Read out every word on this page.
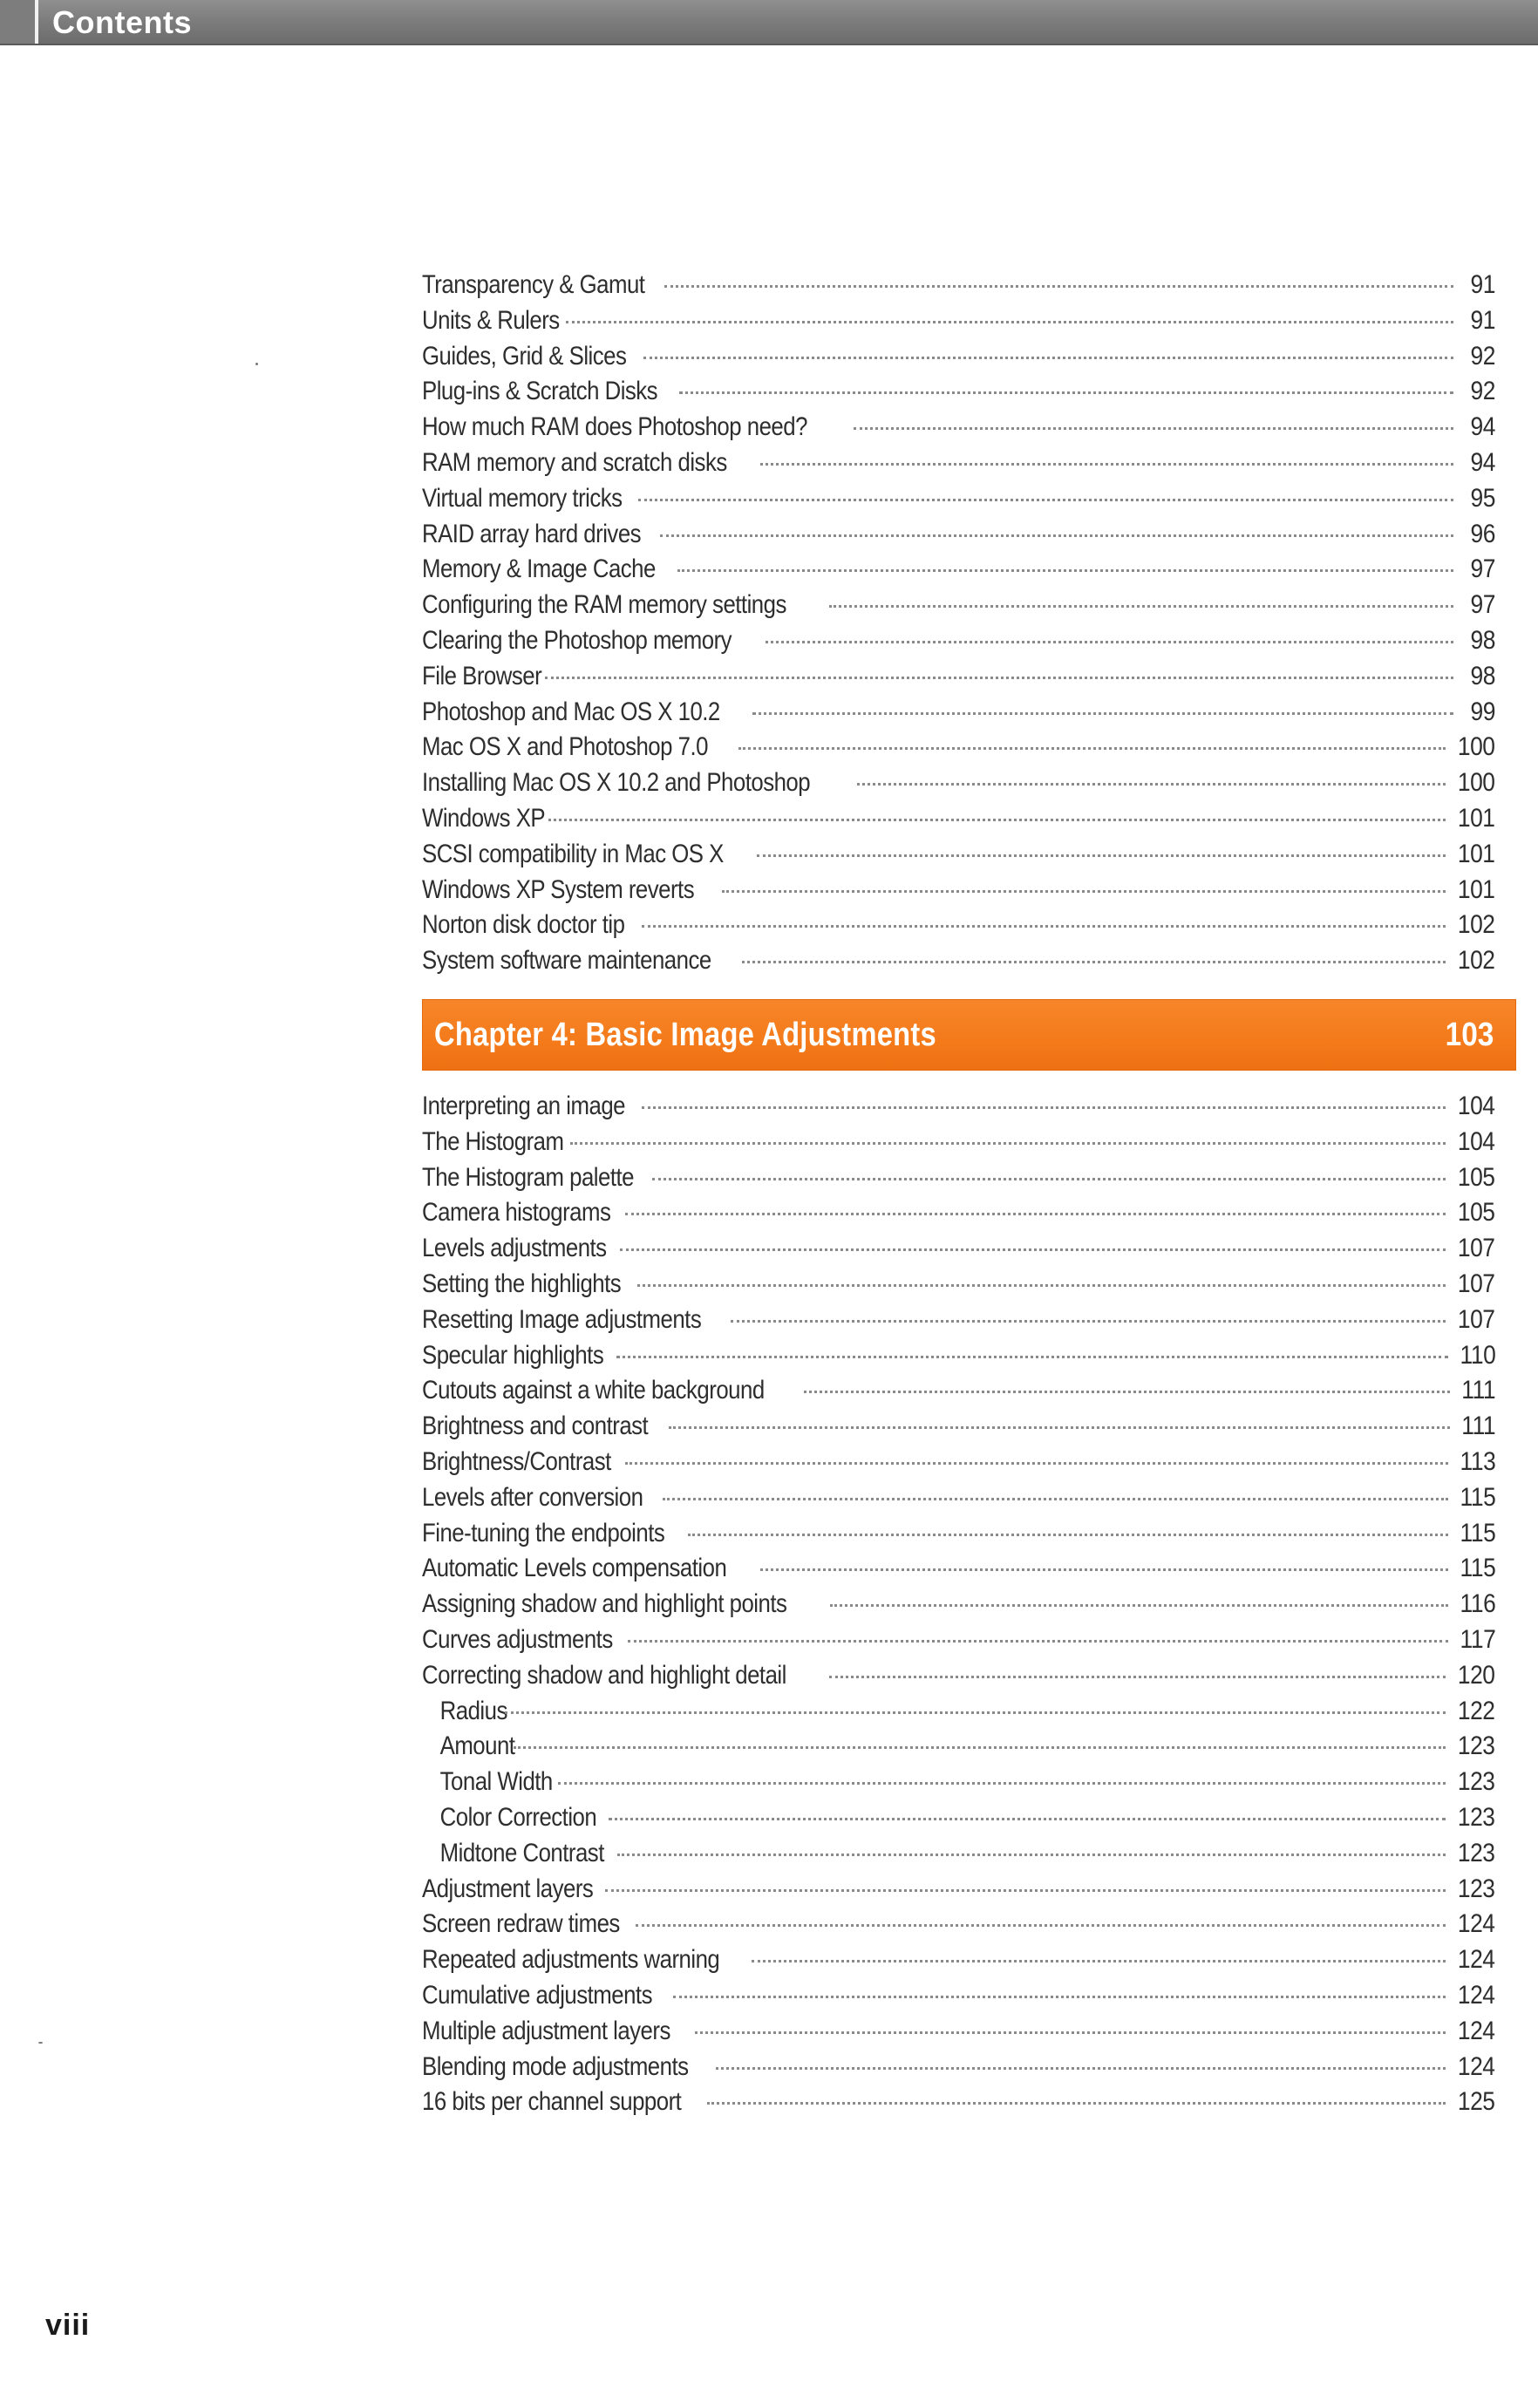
Contents
Transparency & Gamut	91
Units & Rulers	91
Guides, Grid & Slices	92
Plug-ins & Scratch Disks	92
How much RAM does Photoshop need?	94
RAM memory and scratch disks	94
Virtual memory tricks	95
RAID array hard drives	96
Memory & Image Cache	97
Configuring the RAM memory settings	97
Clearing the Photoshop memory	98
File Browser	98
Photoshop and Mac OS X 10.2	99
Mac OS X and Photoshop 7.0	100
Installing Mac OS X 10.2 and Photoshop	100
Windows XP	101
SCSI compatibility in Mac OS X	101
Windows XP System reverts	101
Norton disk doctor tip	102
System software maintenance	102
Chapter 4: Basic Image Adjustments	103
Interpreting an image	104
The Histogram	104
The Histogram palette	105
Camera histograms	105
Levels adjustments	107
Setting the highlights	107
Resetting Image adjustments	107
Specular highlights	110
Cutouts against a white background	111
Brightness and contrast	111
Brightness/Contrast	113
Levels after conversion	115
Fine-tuning the endpoints	115
Automatic Levels compensation	115
Assigning shadow and highlight points	116
Curves adjustments	117
Correcting shadow and highlight detail	120
Radius	122
Amount	123
Tonal Width	123
Color Correction	123
Midtone Contrast	123
Adjustment layers	123
Screen redraw times	124
Repeated adjustments warning	124
Cumulative adjustments	124
Multiple adjustment layers	124
Blending mode adjustments	124
16 bits per channel support	125
viii
